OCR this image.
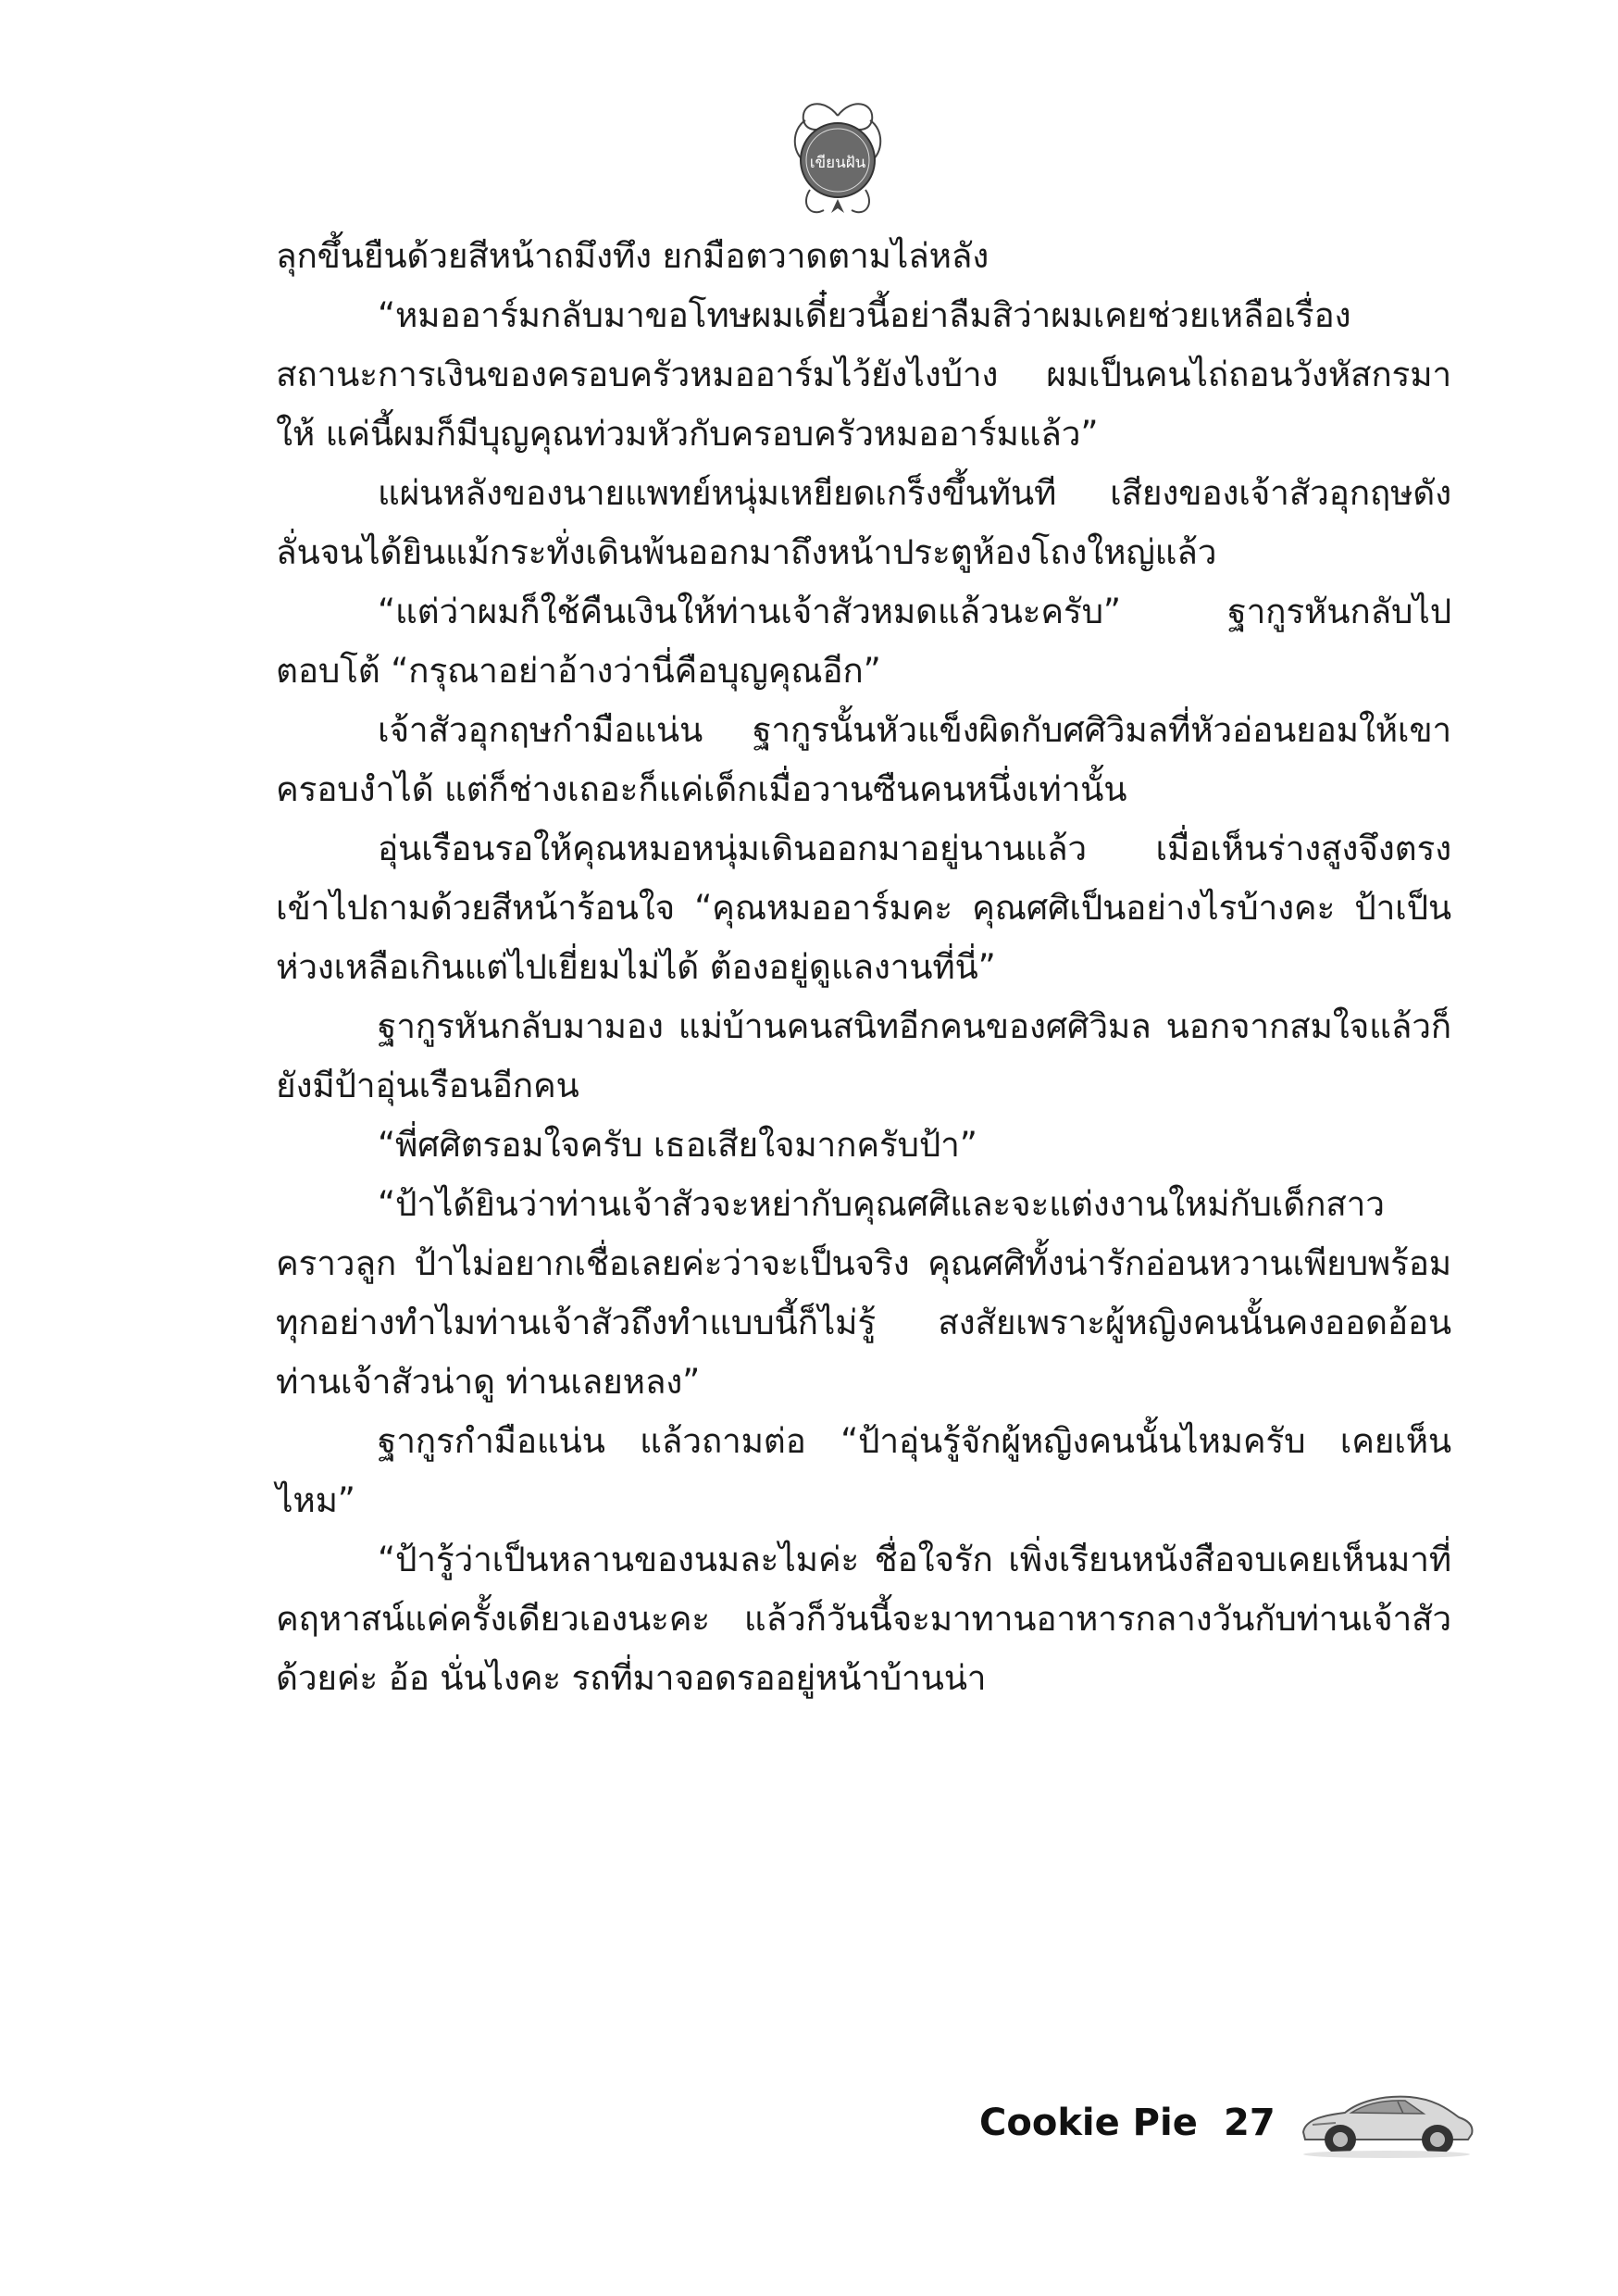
เขียนฝัน

ลุกขึ้นยืนด้วยสีหน้าถมึงทึง ยกมือตวาดตามไล่หลัง

“หมออาร์มกลับมาขอโทษผมเดี๋ยวนี้อย่าลืมสิว่าผมเคยช่วยเหลือเรื่องสถานะการเงินของครอบครัวหมออาร์มไว้ยังไงบ้าง ผมเป็นคนไถ่ถอนวังหัสกรมาให้ แค่นี้ผมก็มีบุญคุณท่วมหัวกับครอบครัวหมออาร์มแล้ว”

แผ่นหลังของนายแพทย์หนุ่มเหยียดเกร็งขึ้นทันที เสียงของเจ้าสัวอุกฤษดังลั่นจนได้ยินแม้กระทั่งเดินพ้นออกมาถึงหน้าประตูห้องโถงใหญ่แล้ว

“แต่ว่าผมก็ใช้คืนเงินให้ท่านเจ้าสัวหมดแล้วนะครับ” ฐากูรหันกลับไปตอบโต้ “กรุณาอย่าอ้างว่านี่คือบุญคุณอีก”

เจ้าสัวอุกฤษกำมือแน่น ฐากูรนั้นหัวแข็งผิดกับศศิวิมลที่หัวอ่อนยอมให้เขาครอบงำได้ แต่ก็ช่างเถอะก็แค่เด็กเมื่อวานซืนคนหนึ่งเท่านั้น

อุ่นเรือนรอให้คุณหมอหนุ่มเดินออกมาอยู่นานแล้ว เมื่อเห็นร่างสูงจึงตรงเข้าไปถามด้วยสีหน้าร้อนใจ “คุณหมออาร์มคะ คุณศศิเป็นอย่างไรบ้างคะ ป้าเป็นห่วงเหลือเกินแต่ไปเยี่ยมไม่ได้ ต้องอยู่ดูแลงานที่นี่”

ฐากูรหันกลับมามอง แม่บ้านคนสนิทอีกคนของศศิวิมล นอกจากสมใจแล้วก็ยังมีป้าอุ่นเรือนอีกคน

“พี่ศศิตรอมใจครับ เธอเสียใจมากครับป้า”

“ป้าได้ยินว่าท่านเจ้าสัวจะหย่ากับคุณศศิและจะแต่งงานใหม่กับเด็กสาวคราวลูก ป้าไม่อยากเชื่อเลยค่ะว่าจะเป็นจริง คุณศศิทั้งน่ารักอ่อนหวานเพียบพร้อมทุกอย่างทำไมท่านเจ้าสัวถึงทำแบบนี้ก็ไม่รู้ สงสัยเพราะผู้หญิงคนนั้นคงออดอ้อนท่านเจ้าสัวน่าดู ท่านเลยหลง”

ฐากูรกำมือแน่น แล้วถามต่อ “ป้าอุ่นรู้จักผู้หญิงคนนั้นไหมครับ เคยเห็นไหม”

“ป้ารู้ว่าเป็นหลานของนมละไมค่ะ ชื่อใจรัก เพิ่งเรียนหนังสือจบเคยเห็นมาที่คฤหาสน์แค่ครั้งเดียวเองนะคะ แล้วก็วันนี้จะมาทานอาหารกลางวันกับท่านเจ้าสัวด้วยค่ะ อ้อ นั่นไงคะ รถที่มาจอดรออยู่หน้าบ้านน่า

Cookie Pie 27
